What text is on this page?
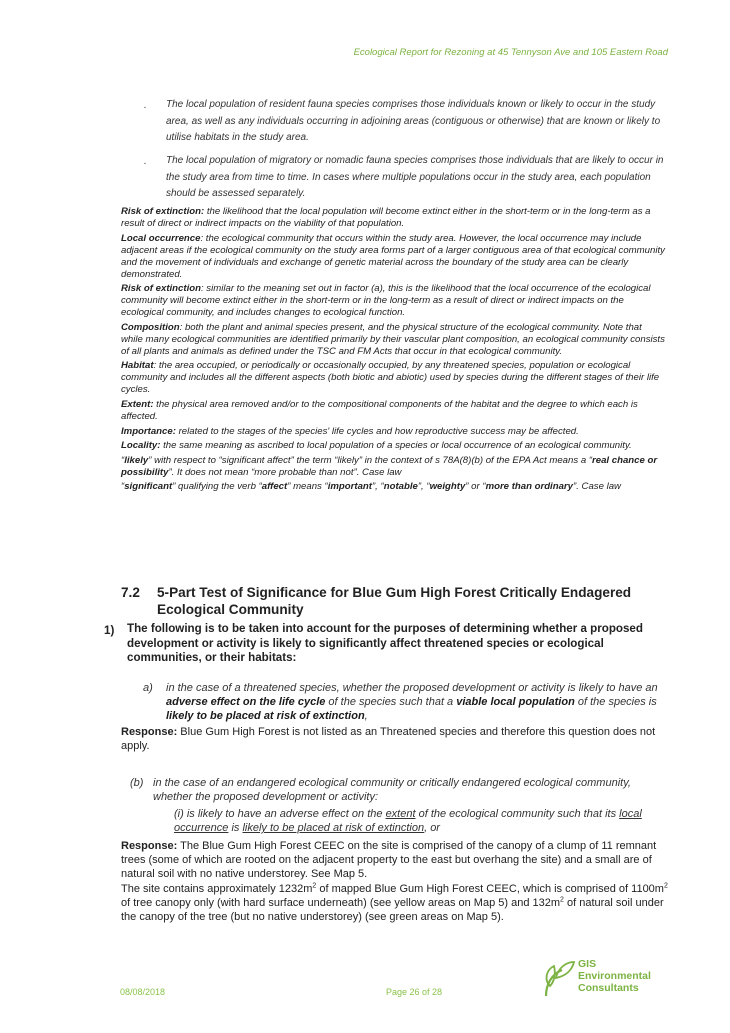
Ecological Report for Rezoning at 45 Tennyson Ave and 105 Eastern Road
. The local population of resident fauna species comprises those individuals known or likely to occur in the study area, as well as any individuals occurring in adjoining areas (contiguous or otherwise) that are known or likely to utilise habitats in the study area.
. The local population of migratory or nomadic fauna species comprises those individuals that are likely to occur in the study area from time to time. In cases where multiple populations occur in the study area, each population should be assessed separately.

Risk of extinction: the likelihood that the local population will become extinct either in the short-term or in the long-term as a result of direct or indirect impacts on the viability of that population.

Local occurrence: the ecological community that occurs within the study area. However, the local occurrence may include adjacent areas if the ecological community on the study area forms part of a larger contiguous area of that ecological community and the movement of individuals and exchange of genetic material across the boundary of the study area can be clearly demonstrated.

Risk of extinction: similar to the meaning set out in factor (a), this is the likelihood that the local occurrence of the ecological community will become extinct either in the short-term or in the long-term as a result of direct or indirect impacts on the ecological community, and includes changes to ecological function.

Composition: both the plant and animal species present, and the physical structure of the ecological community. Note that while many ecological communities are identified primarily by their vascular plant composition, an ecological community consists of all plants and animals as defined under the TSC and FM Acts that occur in that ecological community.

Habitat: the area occupied, or periodically or occasionally occupied, by any threatened species, population or ecological community and includes all the different aspects (both biotic and abiotic) used by species during the different stages of their life cycles.

Extent: the physical area removed and/or to the compositional components of the habitat and the degree to which each is affected.

Importance: related to the stages of the species' life cycles and how reproductive success may be affected.

Locality: the same meaning as ascribed to local population of a species or local occurrence of an ecological community.

“likely” with respect to “significant affect” the term “likely” in the context of s 78A(8)(b) of the EPA Act means a “real chance or possibility”. It does not mean “more probable than not”. Case law

“significant” qualifying the verb “affect” means “important”, “notable”, “weighty” or “more than ordinary”. Case law

7.2 5-Part Test of Significance for Blue Gum High Forest Critically Endagered
Ecological Community
1) The following is to be taken into account for the purposes of determining whether a proposed development or activity is likely to significantly affect threatened species or ecological communities, or their habitats:
a) in the case of a threatened species, whether the proposed development or activity is likely to have an adverse effect on the life cycle of the species such that a viable local population of the species is likely to be placed at risk of extinction,
Response: Blue Gum High Forest is not listed as an Threatened species and therefore this question does not apply.
(b) in the case of an endangered ecological community or critically endangered ecological community, whether the proposed development or activity:
(i) is likely to have an adverse effect on the extent of the ecological community such that its local occurrence is likely to be placed at risk of extinction, or
Response: The Blue Gum High Forest CEEC on the site is comprised of the canopy of a clump of 11 remnant trees (some of which are rooted on the adjacent property to the east but overhang the site) and a small are of natural soil with no native understorey. See Map 5.
The site contains approximately $1232m^2$ of mapped Blue Gum High Forest CEEC, which is comprised of $1100m^2$ of tree canopy only (with hard surface underneath) (see yellow areas on Map 5) and $132m^2$ of natural soil under the canopy of the tree (but no native understorey) (see green areas on Map 5).
08/08/2018	Page 26 of 28
GIS
Environmental
Consultants
